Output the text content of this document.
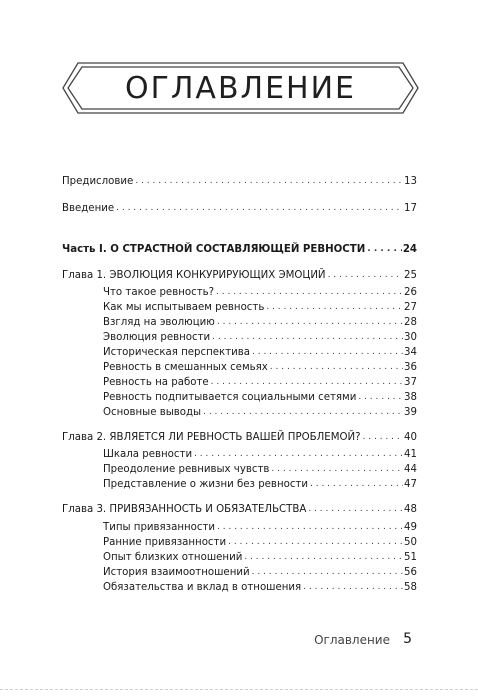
ОГЛАВЛЕНИЕ
Предисловие . . .	13
Введение . . .	17
Часть I. О СТРАСТНОЙ СОСТАВЛЯЮЩЕЙ РЕВНОСТИ . . .	24
Глава 1. ЭВОЛЮЦИЯ КОНКУРИРУЮЩИХ ЭМОЦИЙ . . .	25
Что такое ревность? . . .	26
Как мы испытываем ревность . . .	27
Взгляд на эволюцию . . .	28
Эволюция ревности . . .	30
Историческая перспектива . . .	34
Ревность в смешанных семьях . . .	36
Ревность на работе . . .	37
Ревность подпитывается социальными сетями . . .	38
Основные выводы . . .	39
Глава 2. ЯВЛЯЕТСЯ ЛИ РЕВНОСТЬ ВАШЕЙ ПРОБЛЕМОЙ? . . .	40
Шкала ревности . . .	41
Преодоление ревнивых чувств . . .	44
Представление о жизни без ревности . . .	47
Глава 3. ПРИВЯЗАННОСТЬ И ОБЯЗАТЕЛЬСТВА . . .	48
Типы привязанности . . .	49
Ранние привязанности . . .	50
Опыт близких отношений . . .	51
История взаимоотношений . . .	56
Обязательства и вклад в отношения . . .	58
Оглавление 5
